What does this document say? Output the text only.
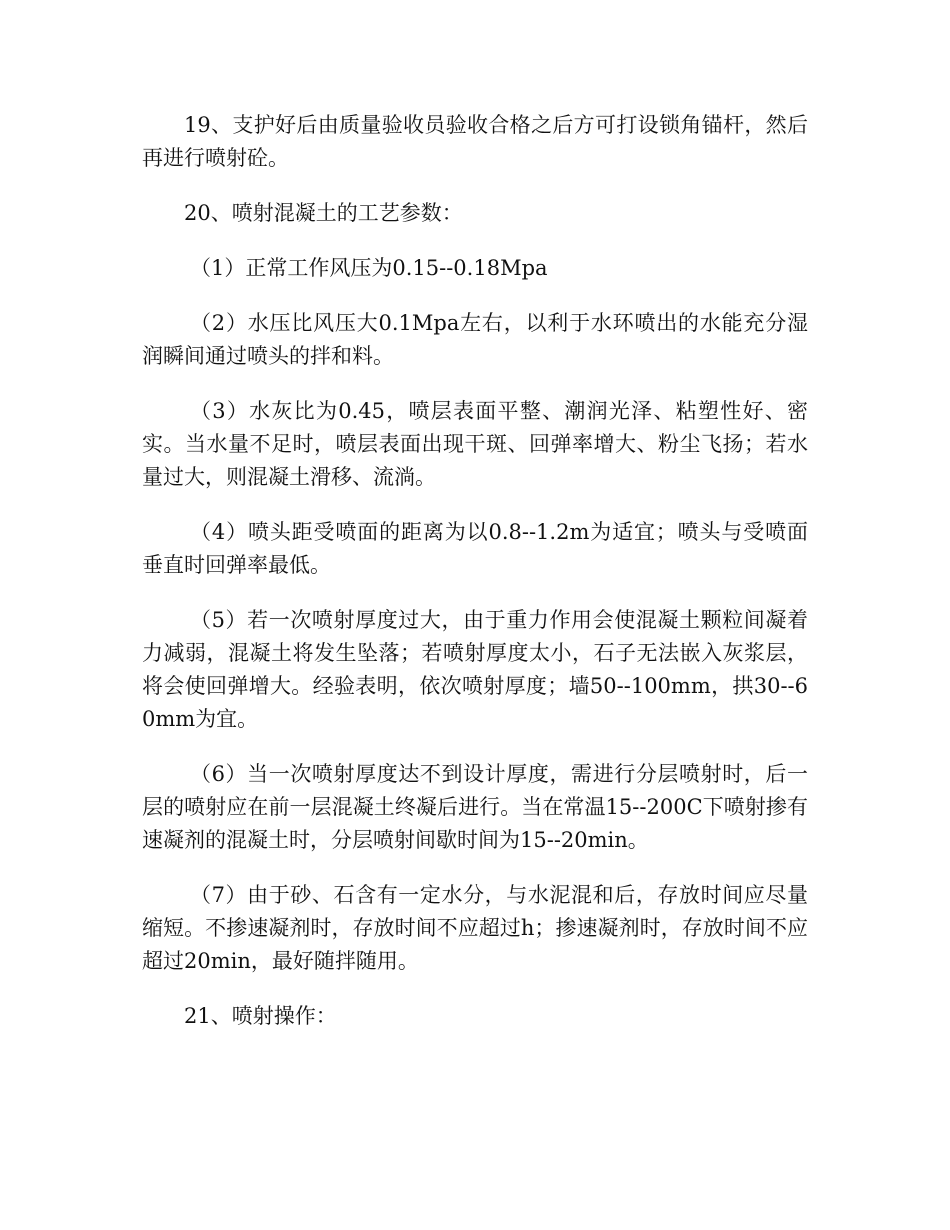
19、支护好后由质量验收员验收合格之后方可打设锁角锚杆，然后再进行喷射砼。

20、喷射混凝土的工艺参数：

（1）正常工作风压为0.15--0.18Mpa

（2）水压比风压大0.1Mpa左右，以利于水环喷出的水能充分湿润瞬间通过喷头的拌和料。

（3）水灰比为0.45，喷层表面平整、潮润光泽、粘塑性好、密实。当水量不足时，喷层表面出现干斑、回弹率增大、粉尘飞扬；若水量过大，则混凝土滑移、流淌。

（4）喷头距受喷面的距离为以0.8--1.2m为适宜；喷头与受喷面垂直时回弹率最低。

（5）若一次喷射厚度过大，由于重力作用会使混凝土颗粒间凝着力减弱，混凝土将发生坠落；若喷射厚度太小，石子无法嵌入灰浆层，将会使回弹增大。经验表明，依次喷射厚度；墙50--100mm，拱30--60mm为宜。

（6）当一次喷射厚度达不到设计厚度，需进行分层喷射时，后一层的喷射应在前一层混凝土终凝后进行。当在常温15--200C下喷射掺有速凝剂的混凝土时，分层喷射间歇时间为15--20min。

（7）由于砂、石含有一定水分，与水泥混和后，存放时间应尽量缩短。不掺速凝剂时，存放时间不应超过h；掺速凝剂时，存放时间不应超过20min，最好随拌随用。

21、喷射操作：
